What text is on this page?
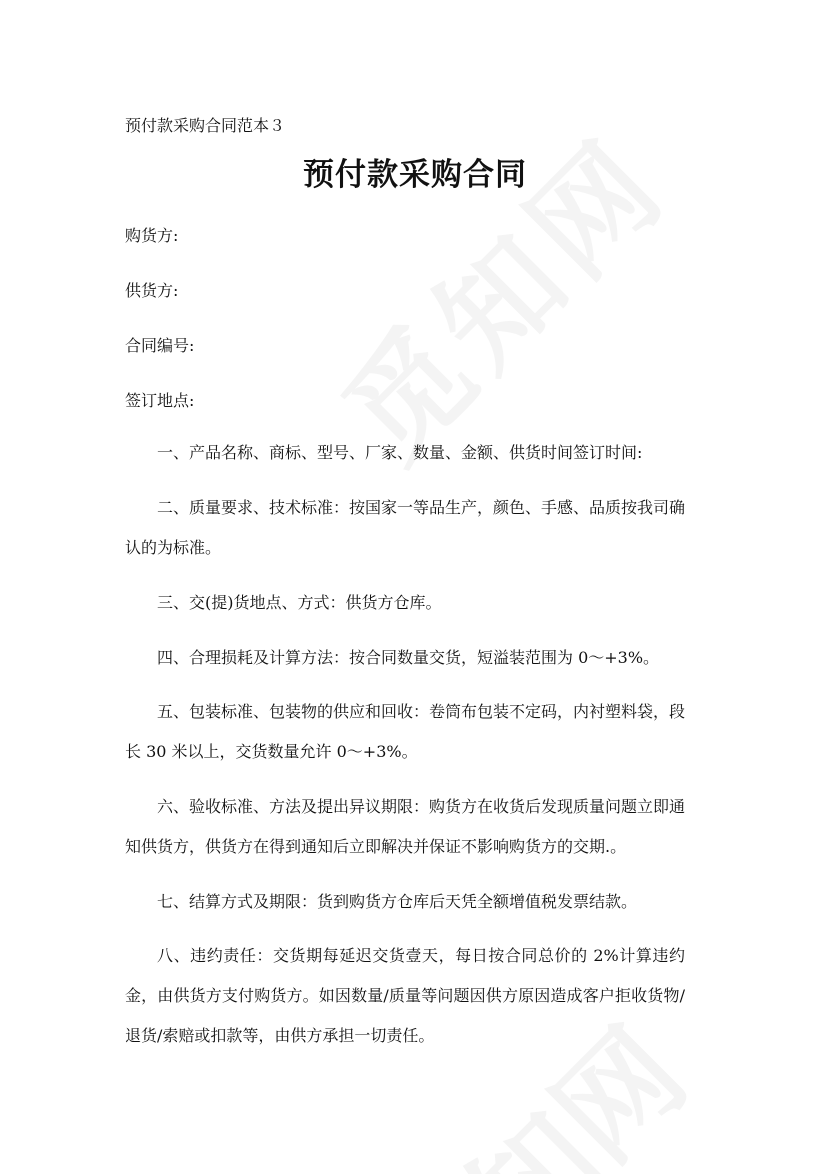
预付款采购合同范本３
预付款采购合同
购货方:
供货方:
合同编号:
签订地点:
一、产品名称、商标、型号、厂家、数量、金额、供货时间签订时间:
二、质量要求、技术标准：按国家一等品生产，颜色、手感、品质按我司确认的为标准。
三、交(提)货地点、方式：供货方仓库。
四、合理损耗及计算方法：按合同数量交货，短溢装范围为 0～+3%。
五、包装标准、包装物的供应和回收：卷筒布包装不定码，内衬塑料袋，段长 30 米以上，交货数量允许 0～+3%。
六、验收标准、方法及提出异议期限：购货方在收货后发现质量问题立即通知供货方，供货方在得到通知后立即解决并保证不影响购货方的交期.。
七、结算方式及期限：货到购货方仓库后天凭全额增值税发票结款。
八、违约责任：交货期每延迟交货壹天，每日按合同总价的 2%计算违约金，由供货方支付购货方。如因数量/质量等问题因供方原因造成客户拒收货物/退货/索赔或扣款等，由供方承担一切责任。
